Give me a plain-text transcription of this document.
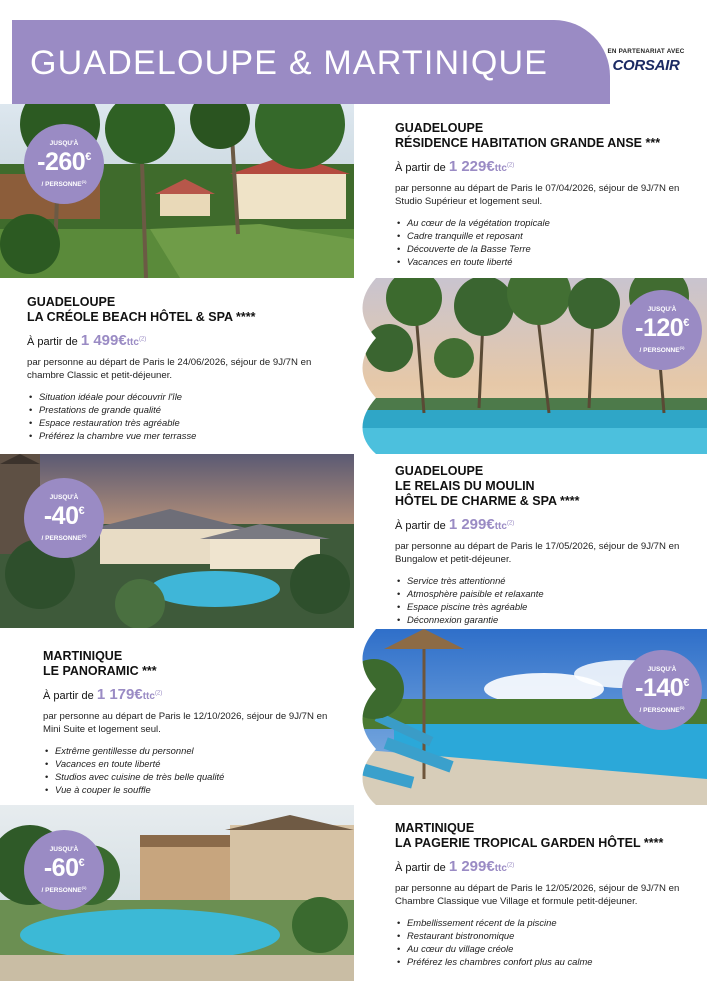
GUADELOUPE & MARTINIQUE	EN PARTENARIAT AVEC
CORSAIR
JUSQU'À
-260€
/ PERSONNE$^{(1)}$
GUADELOUPE
RÉSIDENCE HABITATION GRANDE ANSE ***
À partir de 1 229€ttc$^{(2)}$
par personne au départ de Paris le 07/04/2026, séjour de 9J/7N en Studio Supérieur et logement seul.
• Au cœur de la végétation tropicale
• Cadre tranquille et reposant
• Découverte de la Basse Terre
• Vacances en toute liberté
GUADELOUPE
LA CRÉOLE BEACH HÔTEL & SPA ****
À partir de 1 499€ttc$^{(2)}$
par personne au départ de Paris le 24/06/2026, séjour de 9J/7N en chambre Classic et petit-déjeuner.
• Situation idéale pour découvrir l'île
• Prestations de grande qualité
• Espace restauration très agréable
• Préférez la chambre vue mer terrasse
JUSQU'À
-120€
/ PERSONNE$^{(1)}$
JUSQU'À
-40€
/ PERSONNE$^{(1)}$
GUADELOUPE
LE RELAIS DU MOULIN
HÔTEL DE CHARME & SPA ****
À partir de 1 299€ttc$^{(2)}$
par personne au départ de Paris le 17/05/2026, séjour de 9J/7N en Bungalow et petit-déjeuner.
• Service très attentionné
• Atmosphère paisible et relaxante
• Espace piscine très agréable
• Déconnexion garantie
MARTINIQUE
LE PANORAMIC ***
À partir de 1 179€ttc$^{(2)}$
par personne au départ de Paris le 12/10/2026, séjour de 9J/7N en Mini Suite et logement seul.
• Extrême gentillesse du personnel
• Vacances en toute liberté
• Studios avec cuisine de très belle qualité
• Vue à couper le souffle
JUSQU'À
-140€
/ PERSONNE$^{(1)}$
JUSQU'À
-60€
/ PERSONNE$^{(1)}$
MARTINIQUE
LA PAGERIE TROPICAL GARDEN HÔTEL ****
À partir de 1 299€ttc$^{(2)}$
par personne au départ de Paris le 12/05/2026, séjour de 9J/7N en Chambre Classique vue Village et formule petit-déjeuner.
• Embellissement récent de la piscine
• Restaurant bistronomique
• Au cœur du village créole
• Préférez les chambres confort plus au calme
